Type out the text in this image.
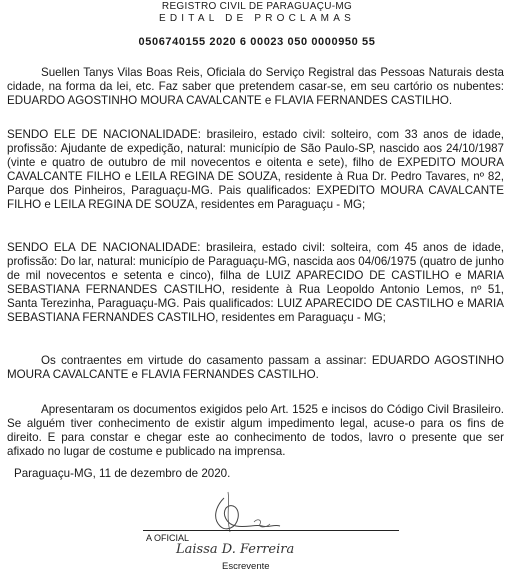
REGISTRO CIVIL DE PARAGUAÇU-MG
EDITAL DE PROCLAMAS
0506740155 2020 6 00023 050 0000950 55

Suellen Tanys Vilas Boas Reis, Oficiala do Serviço Registral das Pessoas Naturais desta cidade, na forma da lei, etc. Faz saber que pretendem casar-se, em seu cartório os nubentes: EDUARDO AGOSTINHO MOURA CAVALCANTE e FLAVIA FERNANDES CASTILHO.

SENDO ELE DE NACIONALIDADE: brasileiro, estado civil: solteiro, com 33 anos de idade, profissão: Ajudante de expedição, natural: município de São Paulo-SP, nascido aos 24/10/1987 (vinte e quatro de outubro de mil novecentos e oitenta e sete), filho de EXPEDITO MOURA CAVALCANTE FILHO e LEILA REGINA DE SOUZA, residente à Rua Dr. Pedro Tavares, nº 82, Parque dos Pinheiros, Paraguaçu-MG. Pais qualificados: EXPEDITO MOURA CAVALCANTE FILHO e LEILA REGINA DE SOUZA, residentes em Paraguaçu - MG;

SENDO ELA DE NACIONALIDADE: brasileira, estado civil: solteira, com 45 anos de idade, profissão: Do lar, natural: município de Paraguaçu-MG, nascida aos 04/06/1975 (quatro de junho de mil novecentos e setenta e cinco), filha de LUIZ APARECIDO DE CASTILHO e MARIA SEBASTIANA FERNANDES CASTILHO, residente à Rua Leopoldo Antonio Lemos, nº 51, Santa Terezinha, Paraguaçu-MG. Pais qualificados: LUIZ APARECIDO DE CASTILHO e MARIA SEBASTIANA FERNANDES CASTILHO, residentes em Paraguaçu - MG;

Os contraentes em virtude do casamento passam a assinar: EDUARDO AGOSTINHO MOURA CAVALCANTE e FLAVIA FERNANDES CASTILHO.

Apresentaram os documentos exigidos pelo Art. 1525 e incisos do Código Civil Brasileiro. Se alguém tiver conhecimento de existir algum impedimento legal, acuse-o para os fins de direito. E para constar e chegar este ao conhecimento de todos, lavro o presente que ser afixado no lugar de costume e publicado na imprensa.

Paraguaçu-MG, 11 de dezembro de 2020.
A OFICIAL
Laissa D. Ferreira
Escrevente
